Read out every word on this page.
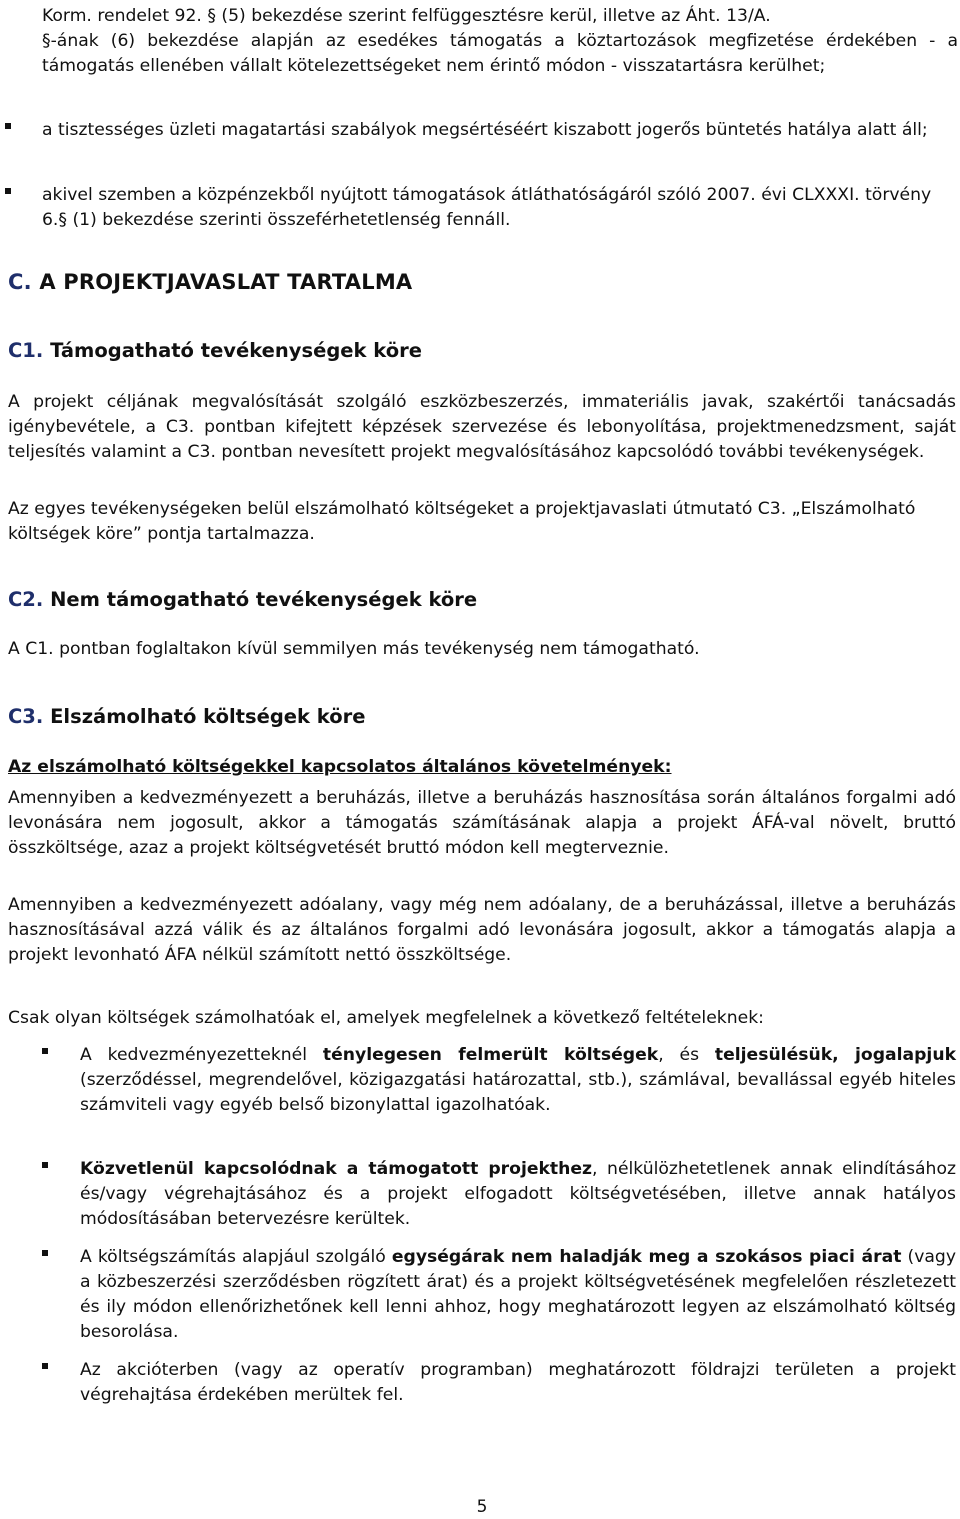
Korm. rendelet 92. § (5) bekezdése szerint felfüggesztésre kerül, illetve az Áht. 13/A.

§-ának (6) bekezdése alapján az esedékes támogatás a köztartozások megfizetése érdekében - a támogatás ellenében vállalt kötelezettségeket nem érintő módon - visszatartásra kerülhet;

a tisztességes üzleti magatartási szabályok megsértéséért kiszabott jogerős büntetés hatálya alatt áll;

akivel szemben a közpénzekből nyújtott támogatások átláthatóságáról szóló 2007. évi CLXXXI. törvény 6.§ (1) bekezdése szerinti összeférhetetlenség fennáll.

C. A PROJEKTJAVASLAT TARTALMA
C1. Támogatható tevékenységek köre

A projekt céljának megvalósítását szolgáló eszközbeszerzés, immateriális javak, szakértői tanácsadás igénybevétele, a C3. pontban kifejtett képzések szervezése és lebonyolítása, projektmenedzsment, saját teljesítés valamint a C3. pontban nevesített projekt megvalósításához kapcsolódó további tevékenységek.

Az egyes tevékenységeken belül elszámolható költségeket a projektjavaslati útmutató C3. „Elszámolható költségek köre” pontja tartalmazza.

C2. Nem támogatható tevékenységek köre

A C1. pontban foglaltakon kívül semmilyen más tevékenység nem támogatható.

C3. Elszámolható költségek köre

Az elszámolható költségekkel kapcsolatos általános követelmények:

Amennyiben a kedvezményezett a beruházás, illetve a beruházás hasznosítása során általános forgalmi adó levonására nem jogosult, akkor a támogatás számításának alapja a projekt ÁFÁ-val növelt, bruttó összköltsége, azaz a projekt költségvetését bruttó módon kell megterveznie.

Amennyiben a kedvezményezett adóalany, vagy még nem adóalany, de a beruházással, illetve a beruházás hasznosításával azzá válik és az általános forgalmi adó levonására jogosult, akkor a támogatás alapja a projekt levonható ÁFA nélkül számított nettó összköltsége.

Csak olyan költségek számolhatóak el, amelyek megfelelnek a következő feltételeknek:

A kedvezményezetteknél ténylegesen felmerült költségek, és teljesülésük, jogalapjuk (szerződéssel, megrendelővel, közigazgatási határozattal, stb.), számlával, bevallással egyéb hiteles számviteli vagy egyéb belső bizonylattal igazolhatóak.

Közvetlenül kapcsolódnak a támogatott projekthez, nélkülözhetetlenek annak elindításához és/vagy végrehajtásához és a projekt elfogadott költségvetésében, illetve annak hatályos módosításában betervezésre kerültek.

A költségszámítás alapjául szolgáló egységárak nem haladják meg a szokásos piaci árat (vagy a közbeszerzési szerződésben rögzített árat) és a projekt költségvetésének megfelelően részletezett és ily módon ellenőrizhetőnek kell lenni ahhoz, hogy meghatározott legyen az elszámolható költség besorolása.

Az akcióterben (vagy az operatív programban) meghatározott földrajzi területen a projekt végrehajtása érdekében merültek fel.

5
